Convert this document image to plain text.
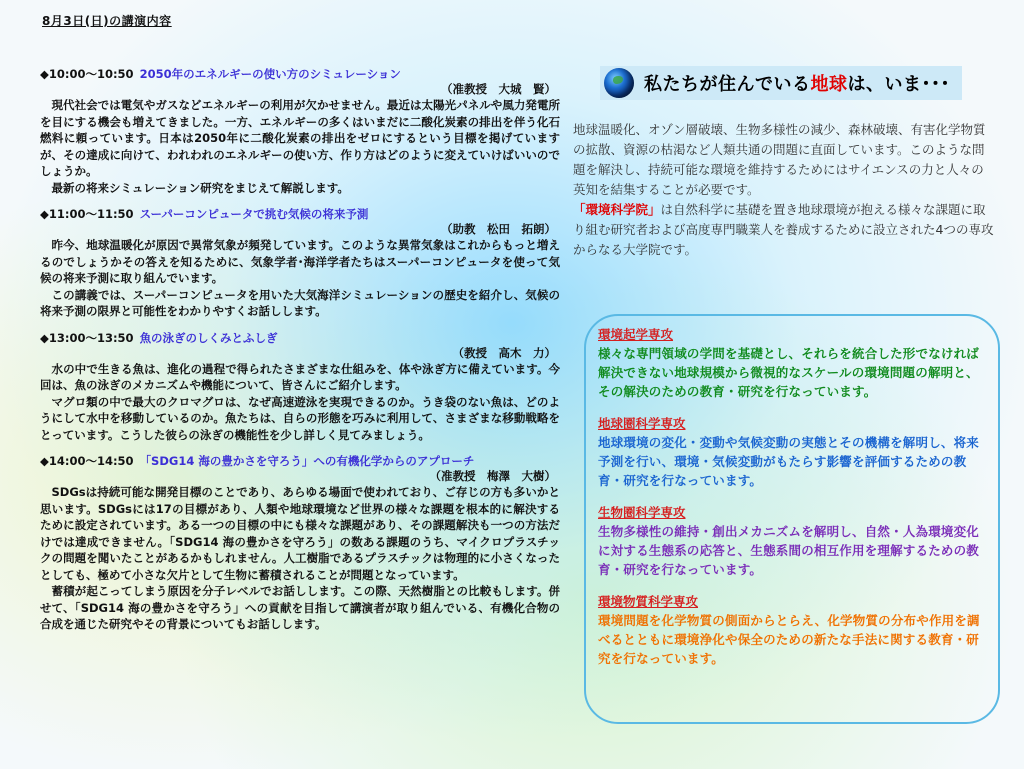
8月3日(日)の講演内容
◆10:00～10:50 2050年のエネルギーの使い方のシミュレーション
（准教授　大城　賢）

現代社会では電気やガスなどエネルギーの利用が欠かせません。最近は太陽光パネルや風力発電所を目にする機会も増えてきました。一方、エネルギーの多くはいまだに二酸化炭素の排出を伴う化石燃料に頼っています。日本は2050年に二酸化炭素の排出をゼロにするという目標を掲げていますが、その達成に向けて、われわれのエネルギーの使い方、作り方はどのように変えていけばいいのでしょうか。

最新の将来シミュレーション研究をまじえて解説します。

◆11:00～11:50 スーパーコンピュータで挑む気候の将来予測
（助教　松田　拓朗）

昨今、地球温暖化が原因で異常気象が頻発しています。このような異常気象はこれからもっと増えるのでしょうかその答えを知るために、気象学者･海洋学者たちはスーパーコンピュータを使って気候の将来予測に取り組んでいます。

この講義では、スーパーコンピュータを用いた大気海洋シミュレーションの歴史を紹介し、気候の将来予測の限界と可能性をわかりやすくお話しします。

◆13:00～13:50 魚の泳ぎのしくみとふしぎ
（教授　高木　力）

水の中で生きる魚は、進化の過程で得られたさまざまな仕組みを、体や泳ぎ方に備えています。今回は、魚の泳ぎのメカニズムや機能について、皆さんにご紹介します。

マグロ類の中で最大のクロマグロは、なぜ高速遊泳を実現できるのか。うき袋のない魚は、どのようにして水中を移動しているのか。魚たちは、自らの形態を巧みに利用して、さまざまな移動戦略をとっています。こうした彼らの泳ぎの機能性を少し詳しく見てみましょう。

◆14:00～14:50 「SDG14 海の豊かさを守ろう」への有機化学からのアプローチ
（准教授　梅澤　大樹）

SDGsは持続可能な開発目標のことであり、あらゆる場面で使われており、ご存じの方も多いかと思います。SDGsには17の目標があり、人類や地球環境など世界の様々な課題を根本的に解決するために設定されています。ある一つの目標の中にも様々な課題があり、その課題解決も一つの方法だけでは達成できません。「SDG14 海の豊かさを守ろう」の数ある課題のうち、マイクロプラスチックの問題を聞いたことがあるかもしれません。人工樹脂であるプラスチックは物理的に小さくなったとしても、極めて小さな欠片として生物に蓄積されることが問題となっています。

蓄積が起こってしまう原因を分子レベルでお話しします。この際、天然樹脂との比較もします。併せて、「SDG14 海の豊かさを守ろう」への貢献を目指して講演者が取り組んでいる、有機化合物の合成を通じた研究やその背景についてもお話しします。

私たちが住んでいる地球は、いま･･･

地球温暖化、オゾン層破壊、生物多様性の減少、森林破壊、有害化学物質の拡散、資源の枯渇など人類共通の問題に直面しています。このような問題を解決し、持続可能な環境を維持するためにはサイエンスの力と人々の英知を結集することが必要です。

「環境科学院」は自然科学に基礎を置き地球環境が抱える様々な課題に取り組む研究者および高度専門職業人を養成するために設立された4つの専攻からなる大学院です。

環境起学専攻

様々な専門領域の学問を基礎とし、それらを統合した形でなければ解決できない地球規模から微視的なスケールの環境問題の解明と、その解決のための教育・研究を行なっています。

地球圏科学専攻

地球環境の変化・変動や気候変動の実態とその機構を解明し、将来予測を行い、環境・気候変動がもたらす影響を評価するための教育・研究を行なっています。

生物圏科学専攻

生物多様性の維持・創出メカニズムを解明し、自然・人為環境変化に対する生態系の応答と、生態系間の相互作用を理解するための教育・研究を行なっています。

環境物質科学専攻

環境問題を化学物質の側面からとらえ、化学物質の分布や作用を調べるとともに環境浄化や保全のための新たな手法に関する教育・研究を行なっています。
